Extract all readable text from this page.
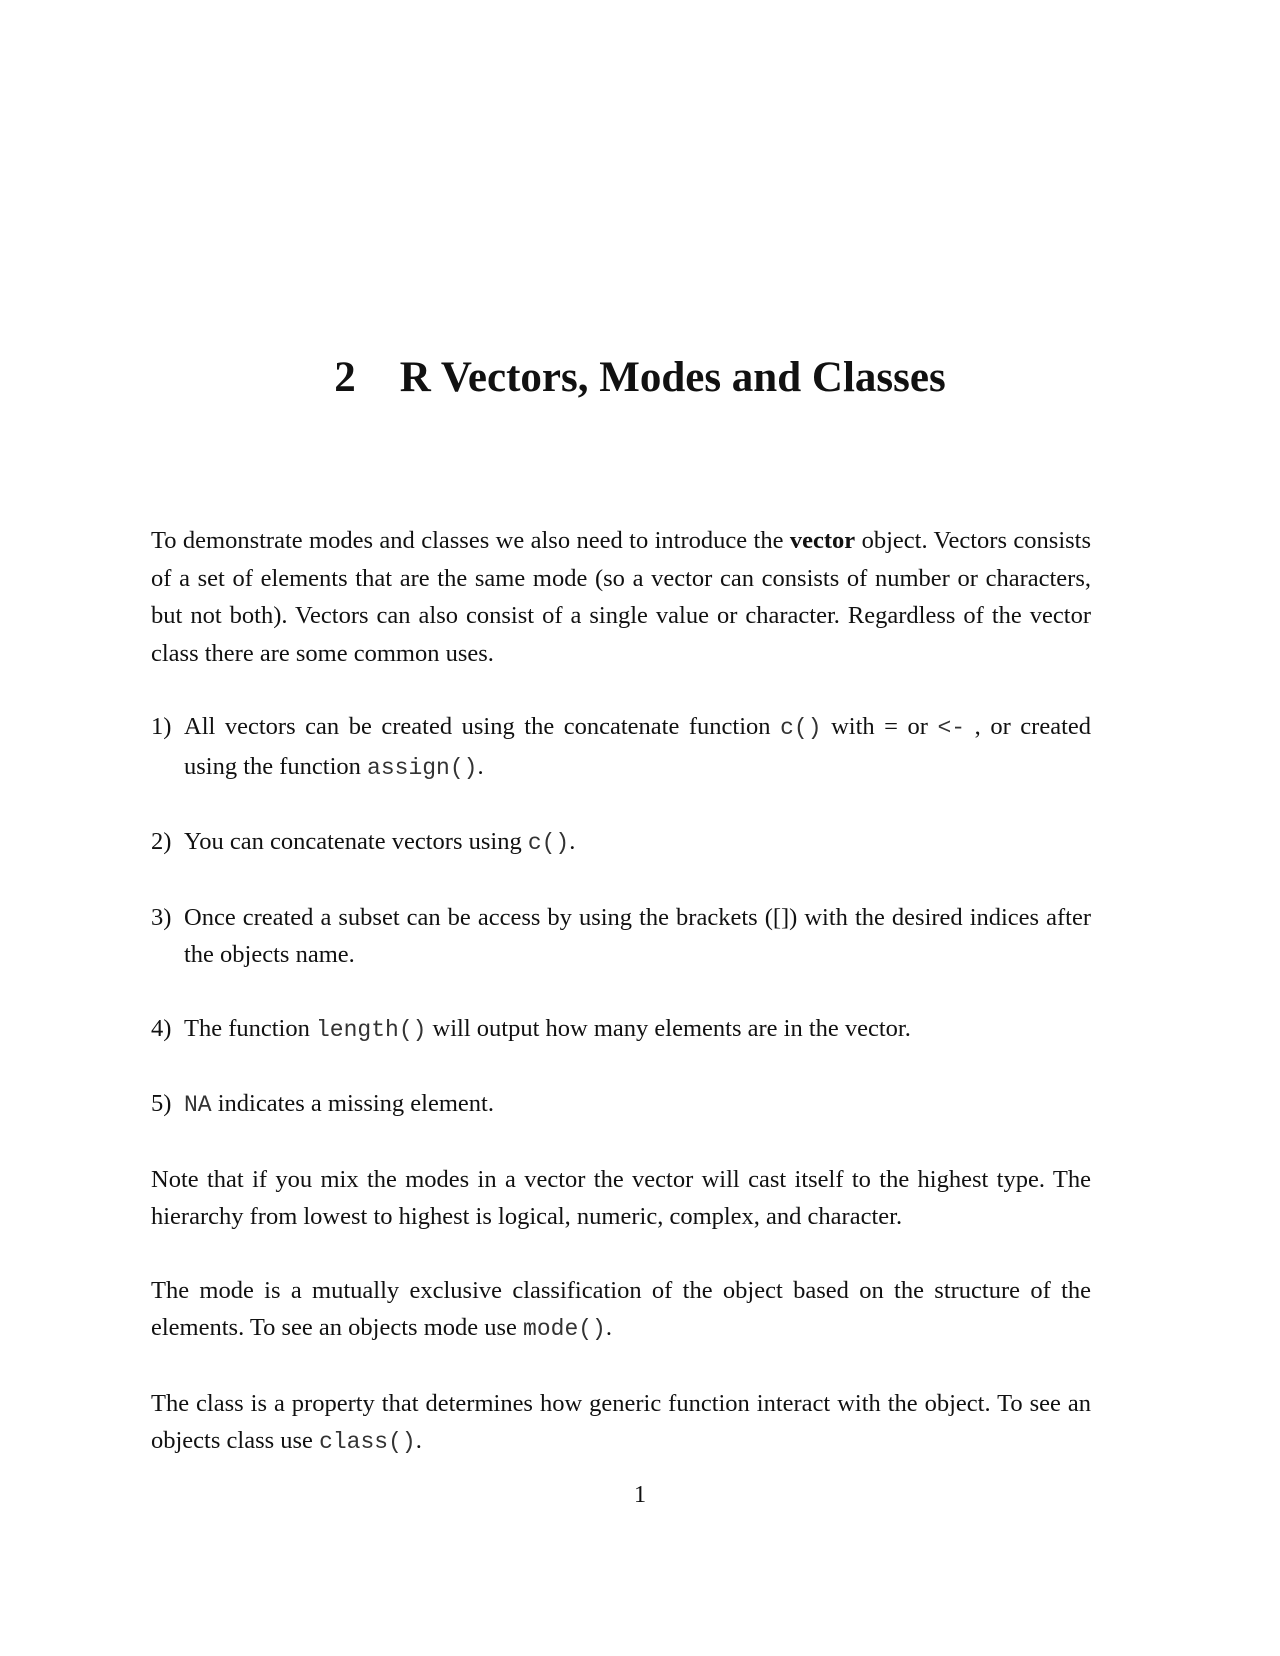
2 R Vectors, Modes and Classes

To demonstrate modes and classes we also need to introduce the vector object. Vectors consists of a set of elements that are the same mode (so a vector can consists of number or characters, but not both). Vectors can also consist of a single value or character. Regardless of the vector class there are some common uses.

1) All vectors can be created using the concatenate function c() with = or <- , or created using the function assign().
2) You can concatenate vectors using c().
3) Once created a subset can be access by using the brackets ([]) with the desired indices after the objects name.
4) The function length() will output how many elements are in the vector.
5) NA indicates a missing element.

Note that if you mix the modes in a vector the vector will cast itself to the highest type. The hierarchy from lowest to highest is logical, numeric, complex, and character.

The mode is a mutually exclusive classification of the object based on the structure of the elements. To see an objects mode use mode().

The class is a property that determines how generic function interact with the object. To see an objects class use class().

1
